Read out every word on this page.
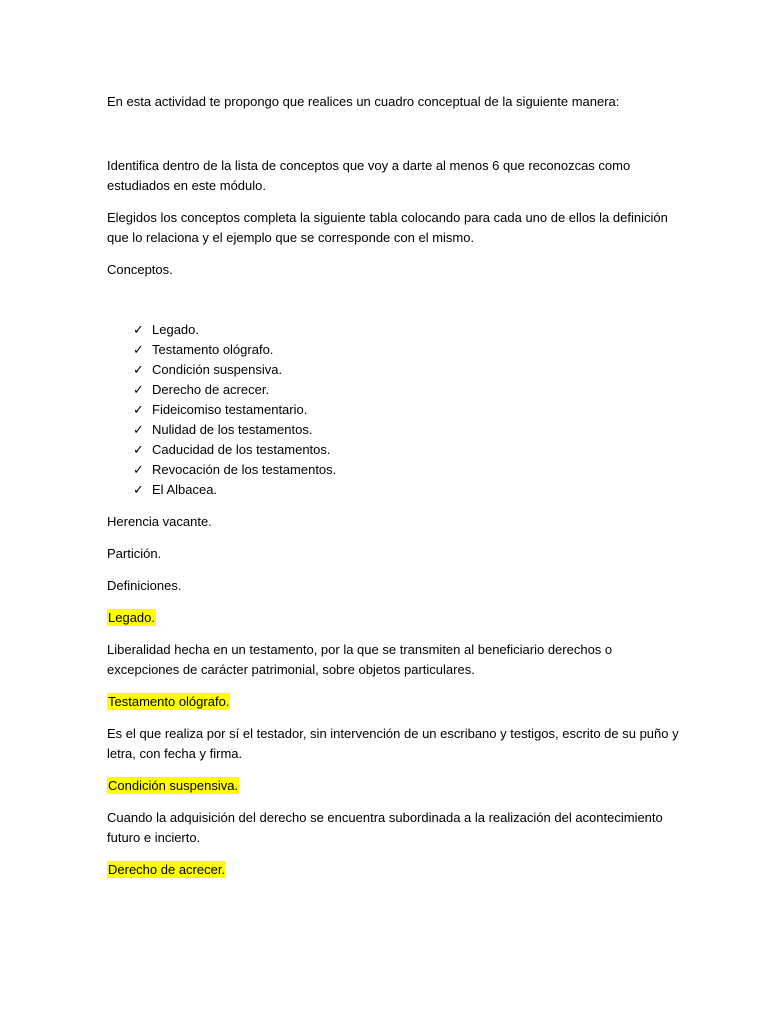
En esta actividad te propongo que realices un cuadro conceptual de la siguiente manera:

Identifica dentro de la lista de conceptos que voy a darte al menos 6 que reconozcas como estudiados en este módulo.

Elegidos los conceptos completa la siguiente tabla colocando para cada uno de ellos la definición que lo relaciona y el ejemplo que se corresponde con el mismo.

Conceptos.

✓ Legado.
✓ Testamento ológrafo.
✓ Condición suspensiva.
✓ Derecho de acrecer.
✓ Fideicomiso testamentario.
✓ Nulidad de los testamentos.
✓ Caducidad de los testamentos.
✓ Revocación de los testamentos.
✓ El Albacea.

Herencia vacante.

Partición.

Definiciones.

Legado.

Liberalidad hecha en un testamento, por la que se transmiten al beneficiario derechos o excepciones de carácter patrimonial, sobre objetos particulares.

Testamento ológrafo.

Es el que realiza por sí el testador, sin intervención de un escribano y testigos, escrito de su puño y letra, con fecha y firma.

Condición suspensiva.

Cuando la adquisición del derecho se encuentra subordinada a la realización del acontecimiento futuro e incierto.

Derecho de acrecer.
